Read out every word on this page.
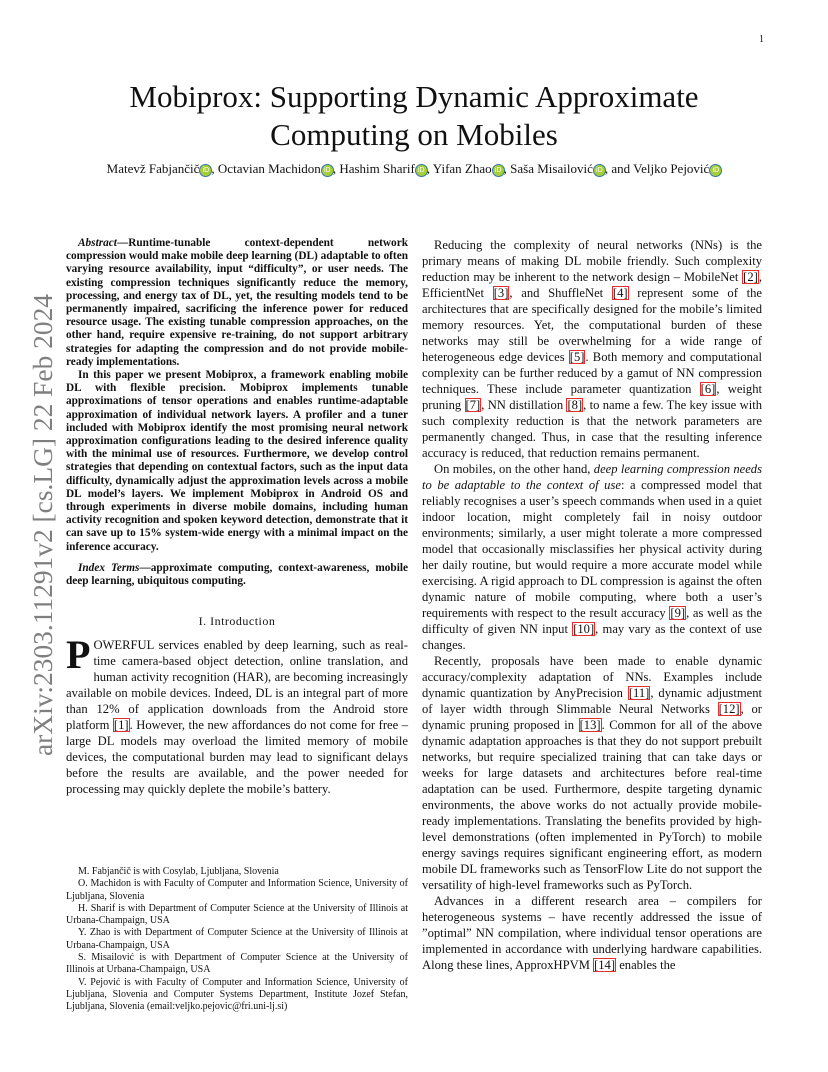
1
arXiv:2303.11291v2 [cs.LG] 22 Feb 2024
Mobiprox: Supporting Dynamic Approximate
Computing on Mobiles
Matevž Fabjančič iD , Octavian Machidon iD , Hashim Sharif iD , Yifan Zhao iD , Saša Misailović iD , and Veljko Pejović iD

Abstract—Runtime-tunable context-dependent network compression would make mobile deep learning (DL) adaptable to often varying resource availability, input “difficulty”, or user needs. The existing compression techniques significantly reduce the memory, processing, and energy tax of DL, yet, the resulting models tend to be permanently impaired, sacrificing the inference power for reduced resource usage. The existing tunable compression approaches, on the other hand, require expensive re-training, do not support arbitrary strategies for adapting the compression and do not provide mobile-ready implementations.

In this paper we present Mobiprox, a framework enabling mobile DL with flexible precision. Mobiprox implements tunable approximations of tensor operations and enables runtime-adaptable approximation of individual network layers. A profiler and a tuner included with Mobiprox identify the most promising neural network approximation configurations leading to the desired inference quality with the minimal use of resources. Furthermore, we develop control strategies that depending on contextual factors, such as the input data difficulty, dynamically adjust the approximation levels across a mobile DL model’s layers. We implement Mobiprox in Android OS and through experiments in diverse mobile domains, including human activity recognition and spoken keyword detection, demonstrate that it can save up to 15% system-wide energy with a minimal impact on the inference accuracy.

Index Terms—approximate computing, context-awareness, mobile deep learning, ubiquitous computing.

I. Introduction

POWERFUL services enabled by deep learning, such as real-time camera-based object detection, online translation, and human activity recognition (HAR), are becoming increasingly available on mobile devices. Indeed, DL is an integral part of more than 12% of application downloads from the Android store platform [1]. However, the new affordances do not come for free – large DL models may overload the limited memory of mobile devices, the computational burden may lead to significant delays before the results are available, and the power needed for processing may quickly deplete the mobile’s battery.

M. Fabjančič is with Cosylab, Ljubljana, Slovenia

O. Machidon is with Faculty of Computer and Information Science, University of Ljubljana, Slovenia

H. Sharif is with Department of Computer Science at the University of Illinois at Urbana-Champaign, USA

Y. Zhao is with Department of Computer Science at the University of Illinois at Urbana-Champaign, USA

S. Misailović is with Department of Computer Science at the University of Illinois at Urbana-Champaign, USA

V. Pejović is with Faculty of Computer and Information Science, University of Ljubljana, Slovenia and Computer Systems Department, Institute Jozef Stefan, Ljubljana, Slovenia (email:veljko.pejovic@fri.uni-lj.si)

Reducing the complexity of neural networks (NNs) is the primary means of making DL mobile friendly. Such complexity reduction may be inherent to the network design – MobileNet [2], EfficientNet [3], and ShuffleNet [4] represent some of the architectures that are specifically designed for the mobile’s limited memory resources. Yet, the computational burden of these networks may still be overwhelming for a wide range of heterogeneous edge devices [5]. Both memory and computational complexity can be further reduced by a gamut of NN compression techniques. These include parameter quantization [6], weight pruning [7], NN distillation [8], to name a few. The key issue with such complexity reduction is that the network parameters are permanently changed. Thus, in case that the resulting inference accuracy is reduced, that reduction remains permanent.

On mobiles, on the other hand, deep learning compression needs to be adaptable to the context of use: a compressed model that reliably recognises a user’s speech commands when used in a quiet indoor location, might completely fail in noisy outdoor environments; similarly, a user might tolerate a more compressed model that occasionally misclassifies her physical activity during her daily routine, but would require a more accurate model while exercising. A rigid approach to DL compression is against the often dynamic nature of mobile computing, where both a user’s requirements with respect to the result accuracy [9], as well as the difficulty of given NN input [10], may vary as the context of use changes.

Recently, proposals have been made to enable dynamic accuracy/complexity adaptation of NNs. Examples include dynamic quantization by AnyPrecision [11], dynamic adjustment of layer width through Slimmable Neural Networks [12], or dynamic pruning proposed in [13]. Common for all of the above dynamic adaptation approaches is that they do not support prebuilt networks, but require specialized training that can take days or weeks for large datasets and architectures before real-time adaptation can be used. Furthermore, despite targeting dynamic environments, the above works do not actually provide mobile-ready implementations. Translating the benefits provided by high-level demonstrations (often implemented in PyTorch) to mobile energy savings requires significant engineering effort, as modern mobile DL frameworks such as TensorFlow Lite do not support the versatility of high-level frameworks such as PyTorch.

Advances in a different research area – compilers for heterogeneous systems – have recently addressed the issue of ”optimal” NN compilation, where individual tensor operations are implemented in accordance with underlying hardware capabilities. Along these lines, ApproxHPVM [14] enables the
